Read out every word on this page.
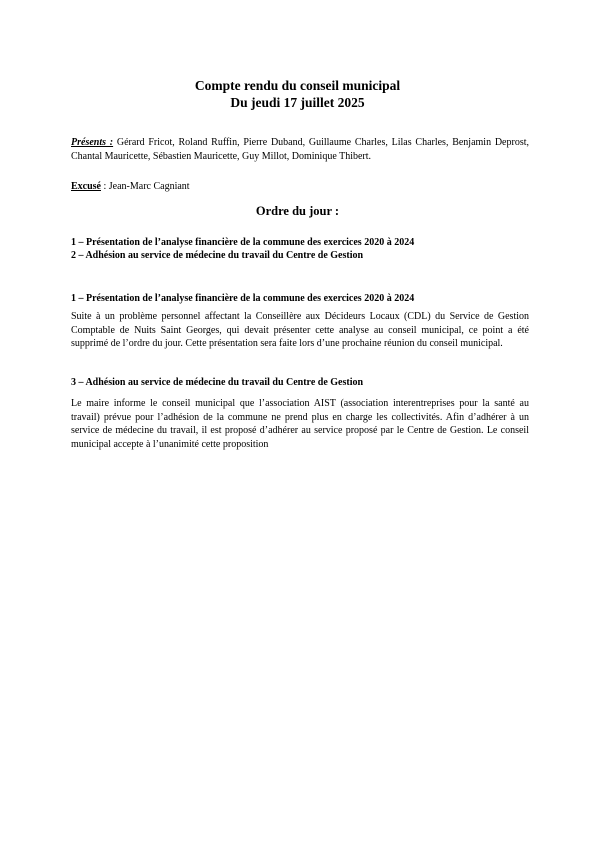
Compte rendu du conseil municipal
Du jeudi 17 juillet 2025
Présents : Gérard Fricot, Roland Ruffin, Pierre Duband, Guillaume Charles, Lilas Charles, Benjamin Deprost, Chantal Mauricette, Sébastien Mauricette, Guy Millot, Dominique Thibert.
Excusé : Jean-Marc Cagniant
Ordre du jour :
1 – Présentation de l’analyse financière de la commune des exercices 2020 à 2024
2 – Adhésion au service de médecine du travail du Centre de Gestion
1 – Présentation de l’analyse financière de la commune des exercices 2020 à 2024
Suite à un problème personnel affectant la Conseillère aux Décideurs Locaux (CDL) du Service de Gestion Comptable de Nuits Saint Georges, qui devait présenter cette analyse au conseil municipal, ce point a été supprimé de l’ordre du jour. Cette présentation sera faite lors d’une prochaine réunion du conseil municipal.
3 – Adhésion au service de médecine du travail du Centre de Gestion
Le maire informe le conseil municipal que l’association AIST (association interentreprises pour la santé au travail) prévue pour l’adhésion de la commune ne prend plus en charge les collectivités. Afin d’adhérer à un service de médecine du travail, il est proposé d’adhérer au service proposé par le Centre de Gestion. Le conseil municipal accepte à l’unanimité cette proposition
